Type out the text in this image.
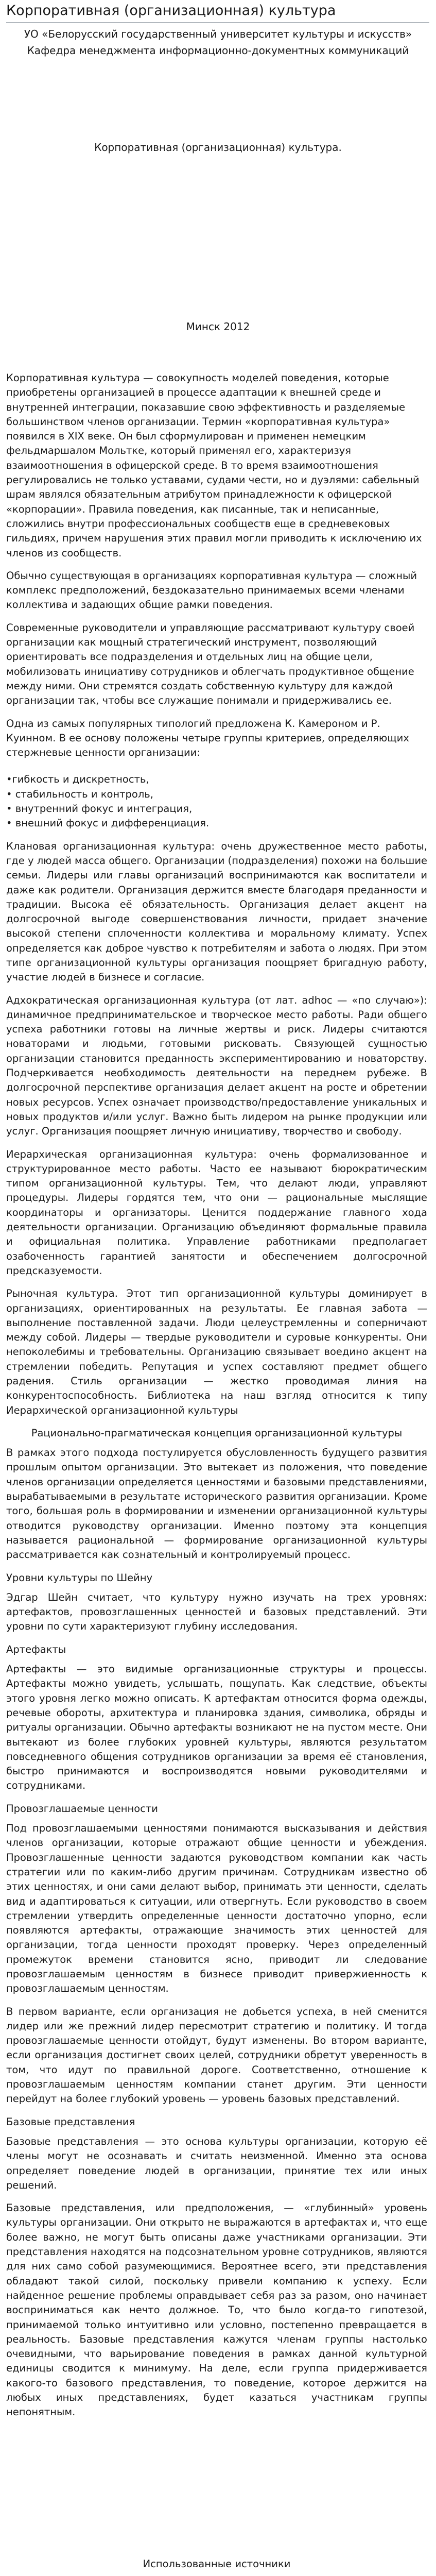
Корпоративная (организационная) культура
УО «Белорусский государственный университет культуры и искусств»
Кафедра менеджмента информационно-документных коммуникаций
Корпоративная (организационная) культура.
Минск 2012

Корпоративная культура — совокупность моделей поведения, которые приобретены организацией в процессе адаптации к внешней среде и внутренней интеграции, показавшие свою эффективность и разделяемые большинством членов организации. Термин «корпоративная культура» появился в XIX веке. Он был сформулирован и применен немецким фельдмаршалом Мольтке, который применял его, характеризуя взаимоотношения в офицерской среде. В то время взаимоотношения регулировались не только уставами, судами чести, но и дуэлями: сабельный шрам являлся обязательным атрибутом принадлежности к офицерской «корпорации». Правила поведения, как писанные, так и неписанные, сложились внутри профессиональных сообществ еще в средневековых гильдиях, причем нарушения этих правил могли приводить к исключению их членов из сообществ.

Обычно существующая в организациях корпоративная культура — сложный комплекс предположений, бездоказательно принимаемых всеми членами коллектива и задающих общие рамки поведения.

Современные руководители и управляющие рассматривают культуру своей организации как мощный стратегический инструмент, позволяющий ориентировать все подразделения и отдельных лиц на общие цели, мобилизовать инициативу сотрудников и облегчать продуктивное общение между ними. Они стремятся создать собственную культуру для каждой организации так, чтобы все служащие понимали и придерживались ее.

Одна из самых популярных типологий предложена К. Камероном и Р. Куинном. В ее основу положены четыре группы критериев, определяющих стержневые ценности организации:

•гибкость и дискретность,
• стабильность и контроль,
• внутренний фокус и интеграция,
• внешний фокус и дифференциация.

Клановая организационная культура: очень дружественное место работы, где у людей масса общего. Организации (подразделения) похожи на большие семьи. Лидеры или главы организаций воспринимаются как воспитатели и даже как родители. Организация держится вместе благодаря преданности и традиции. Высока её обязательность. Организация делает акцент на долгосрочной выгоде совершенствования личности, придает значение высокой степени сплоченности коллектива и моральному климату. Успех определяется как доброе чувство к потребителям и забота о людях. При этом типе организационной культуры организация поощряет бригадную работу, участие людей в бизнесе и согласие.

Адхократическая организационная культура (от лат. adhoc — «по случаю»): динамичное предпринимательское и творческое место работы. Ради общего успеха работники готовы на личные жертвы и риск. Лидеры считаются новаторами и людьми, готовыми рисковать. Связующей сущностью организации становится преданность экспериментированию и новаторству. Подчеркивается необходимость деятельности на переднем рубеже. В долгосрочной перспективе организация делает акцент на росте и обретении новых ресурсов. Успех означает производство/предоставление уникальных и новых продуктов и/или услуг. Важно быть лидером на рынке продукции или услуг. Организация поощряет личную инициативу, творчество и свободу.

Иерархическая организационная культура: очень формализованное и структурированное место работы. Часто ее называют бюрократическим типом организационной культуры. Тем, что делают люди, управляют процедуры. Лидеры гордятся тем, что они — рациональные мыслящие координаторы и организаторы. Ценится поддержание главного хода деятельности организации. Организацию объединяют формальные правила и официальная политика. Управление работниками предполагает озабоченность гарантией занятости и обеспечением долгосрочной предсказуемости.

Рыночная культура. Этот тип организационной культуры доминирует в организациях, ориентированных на результаты. Ее главная забота — выполнение поставленной задачи. Люди целеустремленны и соперничают между собой. Лидеры — твердые руководители и суровые конкуренты. Они непоколебимы и требовательны. Организацию связывает воедино акцент на стремлении победить. Репутация и успех составляют предмет общего радения. Стиль организации — жестко проводимая линия на конкурентоспособность. Библиотека на наш взгляд относится к типу Иерархической организационной культуры

Рационально-прагматическая концепция организационной культуры

В рамках этого подхода постулируется обусловленность будущего развития прошлым опытом организации. Это вытекает из положения, что поведение членов организации определяется ценностями и базовыми представлениями, вырабатываемыми в результате исторического развития организации. Кроме того, большая роль в формировании и изменении организационной культуры отводится руководству организации. Именно поэтому эта концепция называется рациональной — формирование организационной культуры рассматривается как сознательный и контролируемый процесс.

Уровни культуры по Шейну

Эдгар Шейн считает, что культуру нужно изучать на трех уровнях: артефактов, провозглашенных ценностей и базовых представлений. Эти уровни по сути характеризуют глубину исследования.

Артефакты

Артефакты — это видимые организационные структуры и процессы. Артефакты можно увидеть, услышать, пощупать. Как следствие, объекты этого уровня легко можно описать. К артефактам относится форма одежды, речевые обороты, архитектура и планировка здания, символика, обряды и ритуалы организации. Обычно артефакты возникают не на пустом месте. Они вытекают из более глубоких уровней культуры, являются результатом повседневного общения сотрудников организации за время её становления, быстро принимаются и воспроизводятся новыми руководителями и сотрудниками.

Провозглашаемые ценности

Под провозглашаемыми ценностями понимаются высказывания и действия членов организации, которые отражают общие ценности и убеждения. Провозглашенные ценности задаются руководством компании как часть стратегии или по каким-либо другим причинам. Сотрудникам известно об этих ценностях, и они сами делают выбор, принимать эти ценности, сделать вид и адаптироваться к ситуации, или отвергнуть. Если руководство в своем стремлении утвердить определенные ценности достаточно упорно, если появляются артефакты, отражающие значимость этих ценностей для организации, тогда ценности проходят проверку. Через определенный промежуток времени становится ясно, приводит ли следование провозглашаемым ценностям в бизнесе приводит привержиенность к провозглашаемым ценностям.

В первом варианте, если организация не добьется успеха, в ней сменится лидер или же прежний лидер пересмотрит стратегию и политику. И тогда провозглашаемые ценности отойдут, будут изменены. Во втором варианте, если организация достигнет своих целей, сотрудники обретут уверенность в том, что идут по правильной дороге. Соответственно, отношение к провозглашаемым ценностям компании станет другим. Эти ценности перейдут на более глубокий уровень — уровень базовых представлений.

Базовые представления

Базовые представления — это основа культуры организации, которую её члены могут не осознавать и считать неизменной. Именно эта основа определяет поведение людей в организации, принятие тех или иных решений.

Базовые представления, или предположения, — «глубинный» уровень культуры организации. Они открыто не выражаются в артефактах и, что еще более важно, не могут быть описаны даже участниками организации. Эти представления находятся на подсознательном уровне сотрудников, являются для них само собой разумеющимися. Вероятнее всего, эти представления обладают такой силой, поскольку привели компанию к успеху. Если найденное решение проблемы оправдывает себя раз за разом, оно начинает восприниматься как нечто должное. То, что было когда-то гипотезой, принимаемой только интуитивно или условно, постепенно превращается в реальность. Базовые представления кажутся членам группы настолько очевидными, что варьирование поведения в рамках данной культурной единицы сводится к минимуму. На деле, если группа придерживается какого-то базового представления, то поведение, которое держится на любых иных представлениях, будет казаться участникам группы непонятным.

Использованные источники
